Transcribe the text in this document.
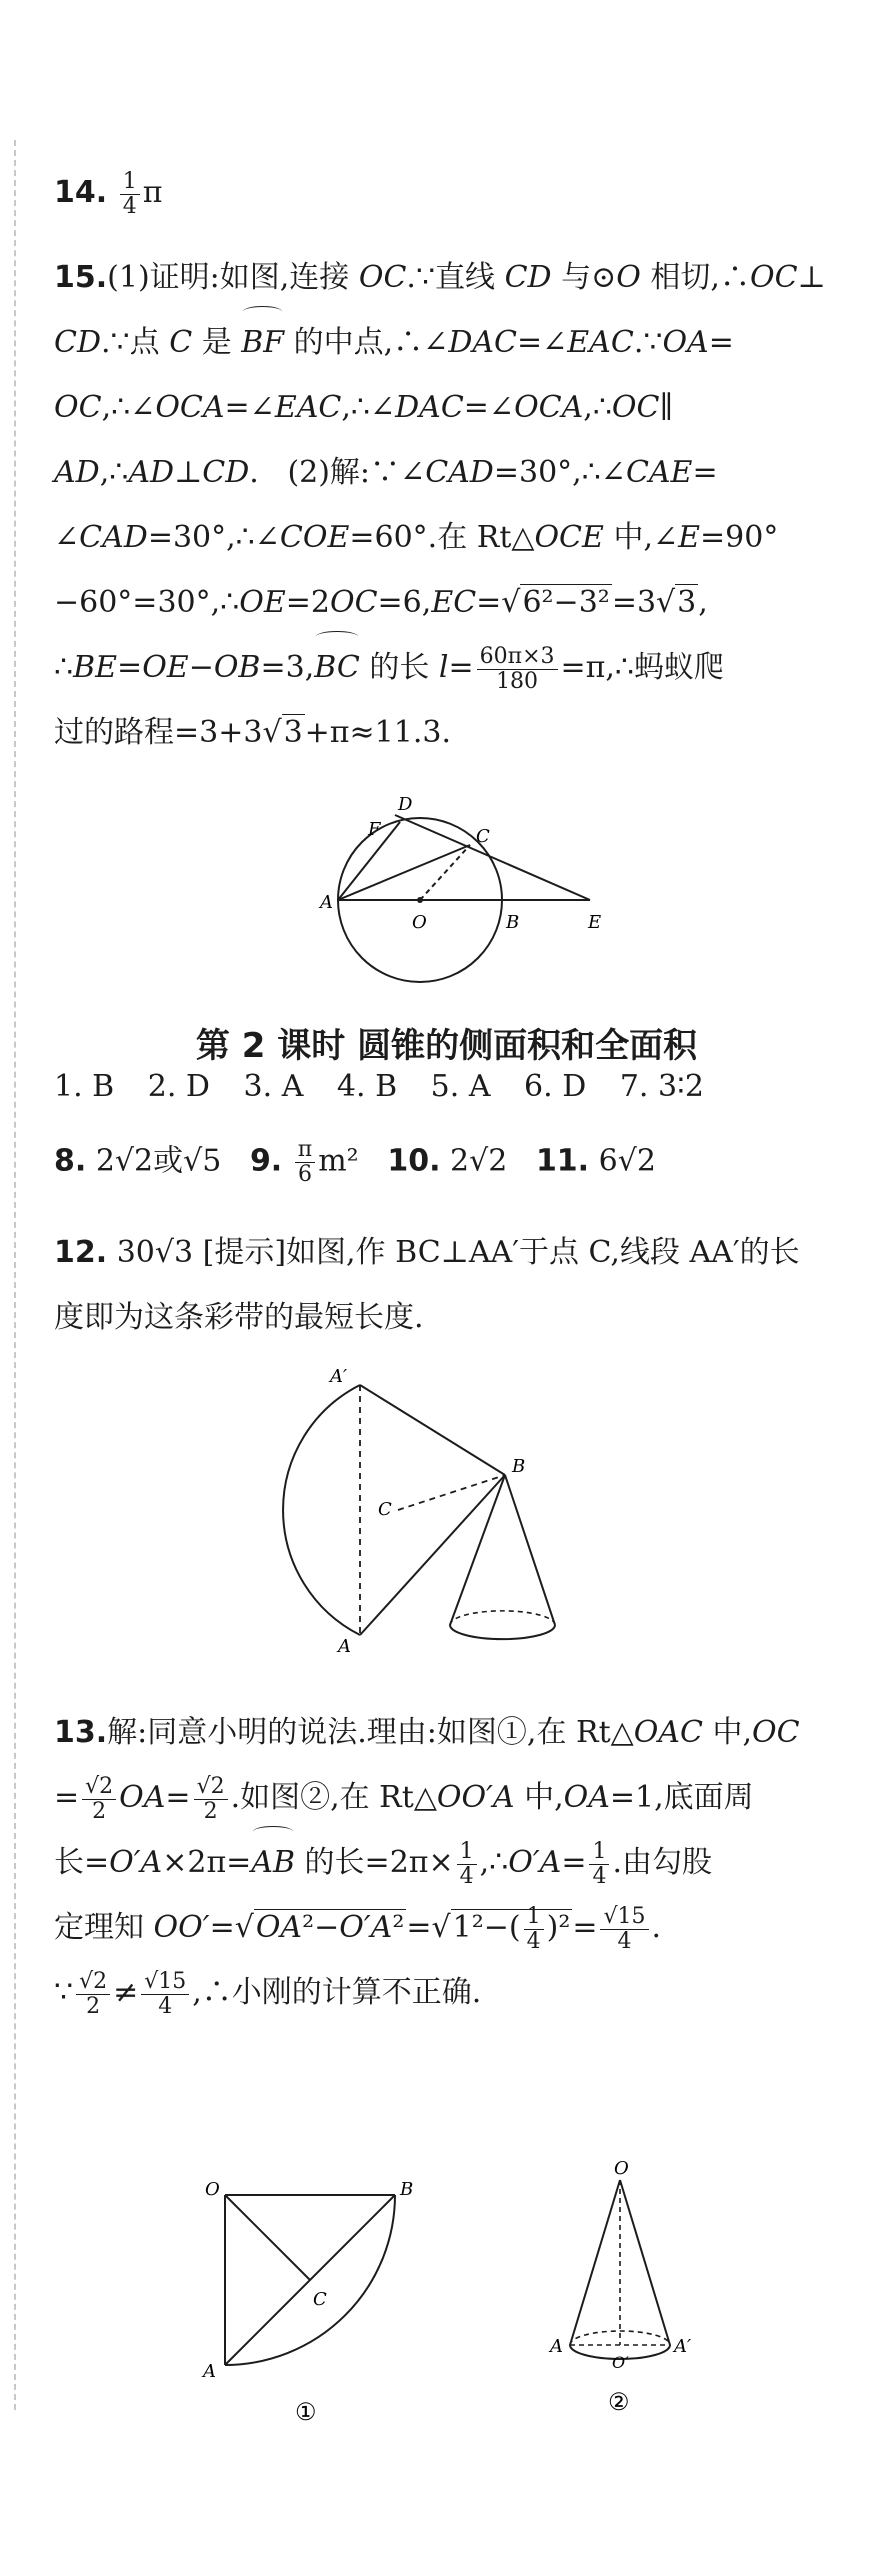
14. $\frac{1}{4}$ π
15.(1)证明:如图,连接 OC.∵直线 CD 与⊙O 相切,∴OC⊥
CD.∵点 C 是 BF 的中点,∴∠DAC=∠EAC.∵OA=
OC,∴∠OCA=∠EAC,∴∠DAC=∠OCA,∴OC∥
AD,∴AD⊥CD.   (2)解:∵∠CAD=30°,∴∠CAE=
∠CAD=30°,∴∠COE=60°.在 Rt△OCE 中,∠E=90°
−60°=30°,∴OE=2OC=6,EC=√6²−3²=3√3,
∴BE=OE−OB=3,BC 的长 $l= \frac{60\pi\times 3}{180}$ =π,∴蚂蚁爬
过的路程=3+3√3+π≈11.3.
D
F	C
A
O	B	E
第 2 课时 圆锥的侧面积和全面积
1. B 2. D 3. A 4. B 5. A 6. D 7. 3∶2
8. 2√2或√5 9. $\frac{\pi}{6} m^2$ 10. 2√2 11. 6√2
12. 30√3 [提示]如图,作 BC⊥AA′于点 C,线段 AA′的长
度即为这条彩带的最短长度.
A′
B
C
A
13.解:同意小明的说法.理由:如图①,在 Rt△OAC 中,OC
= $\frac{√2}{2} OA= \frac{√2}{2}$ .如图②,在 Rt△OO′A 中,OA=1,底面周
长=O′A×2π=AB 的长$=2\pi\times \frac{1}{4}$ ,∴O′A= $\frac{1}{4}$ .由勾股
定理知 $OO'=√OA^2-O'A^2=√1^2-( \frac{1}{4} )^2= \frac{√15}{4}$ .
∵ $\frac{√2}{2} \ne \frac{√15}{4}$ ,∴小刚的计算不正确.
O	B
C
A
①
O
A
O′
A′
②
